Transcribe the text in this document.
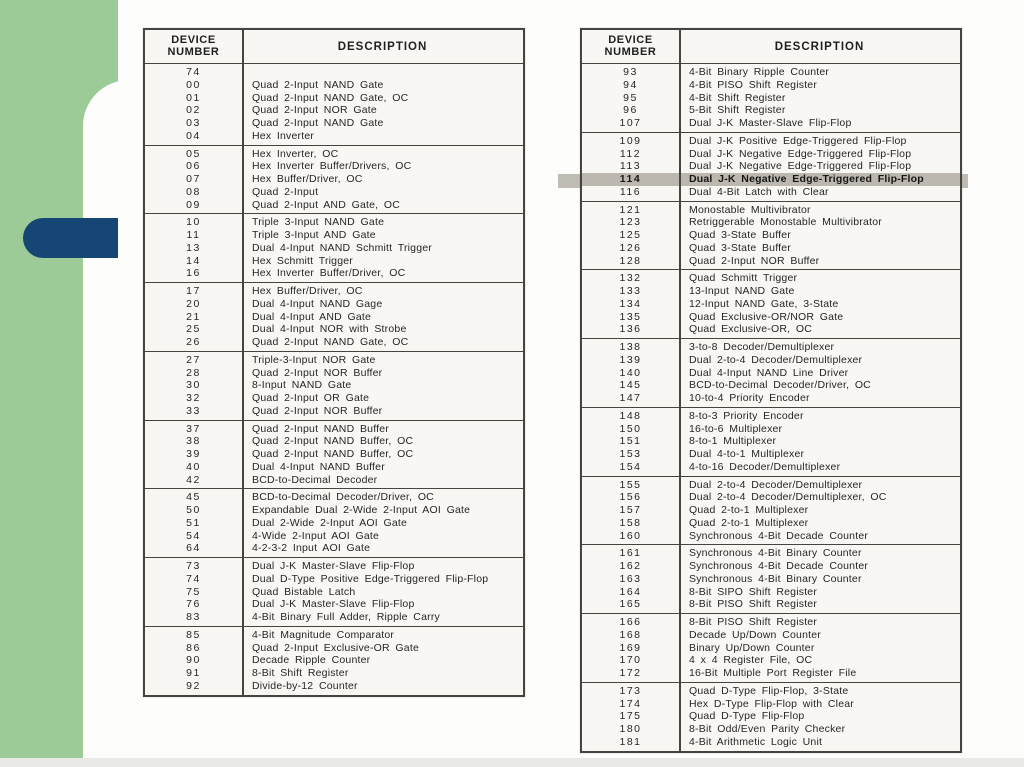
DEVICE NUMBER	DESCRIPTION
74
00	Quad 2-Input NAND Gate
01	Quad 2-Input NAND Gate, OC
02	Quad 2-Input NOR Gate
03	Quad 2-Input NAND Gate
04	Hex Inverter
05	Hex Inverter, OC
06	Hex Inverter Buffer/Drivers, OC
07	Hex Buffer/Driver, OC
08	Quad 2-Input
09	Quad 2-Input AND Gate, OC
10	Triple 3-Input NAND Gate
11	Triple 3-Input AND Gate
13	Dual 4-Input NAND Schmitt Trigger
14	Hex Schmitt Trigger
16	Hex Inverter Buffer/Driver, OC
17	Hex Buffer/Driver, OC
20	Dual 4-Input NAND Gage
21	Dual 4-Input AND Gate
25	Dual 4-Input NOR with Strobe
26	Quad 2-Input NAND Gate, OC
27	Triple-3-Input NOR Gate
28	Quad 2-Input NOR Buffer
30	8-Input NAND Gate
32	Quad 2-Input OR Gate
33	Quad 2-Input NOR Buffer
37	Quad 2-Input NAND Buffer
38	Quad 2-Input NAND Buffer, OC
39	Quad 2-Input NAND Buffer, OC
40	Dual 4-Input NAND Buffer
42	BCD-to-Decimal Decoder
45	BCD-to-Decimal Decoder/Driver, OC
50	Expandable Dual 2-Wide 2-Input AOI Gate
51	Dual 2-Wide 2-Input AOI Gate
54	4-Wide 2-Input AOI Gate
64	4-2-3-2 Input AOI Gate
73	Dual J-K Master-Slave Flip-Flop
74	Dual D-Type Positive Edge-Triggered Flip-Flop
75	Quad Bistable Latch
76	Dual J-K Master-Slave Flip-Flop
83	4-Bit Binary Full Adder, Ripple Carry
85	4-Bit Magnitude Comparator
86	Quad 2-Input Exclusive-OR Gate
90	Decade Ripple Counter
91	8-Bit Shift Register
92	Divide-by-12 Counter
DEVICE NUMBER	DESCRIPTION
93	4-Bit Binary Ripple Counter
94	4-Bit PISO Shift Register
95	4-Bit Shift Register
96	5-Bit Shift Register
107	Dual J-K Master-Slave Flip-Flop
109	Dual J-K Positive Edge-Triggered Flip-Flop
112	Dual J-K Negative Edge-Triggered Flip-Flop
113	Dual J-K Negative Edge-Triggered Flip-Flop
114	Dual J-K Negative Edge-Triggered Flip-Flop
116	Dual 4-Bit Latch with Clear
121	Monostable Multivibrator
123	Retriggerable Monostable Multivibrator
125	Quad 3-State Buffer
126	Quad 3-State Buffer
128	Quad 2-Input NOR Buffer
132	Quad Schmitt Trigger
133	13-Input NAND Gate
134	12-Input NAND Gate, 3-State
135	Quad Exclusive-OR/NOR Gate
136	Quad Exclusive-OR, OC
138	3-to-8 Decoder/Demultiplexer
139	Dual 2-to-4 Decoder/Demultiplexer
140	Dual 4-Input NAND Line Driver
145	BCD-to-Decimal Decoder/Driver, OC
147	10-to-4 Priority Encoder
148	8-to-3 Priority Encoder
150	16-to-6 Multiplexer
151	8-to-1 Multiplexer
153	Dual 4-to-1 Multiplexer
154	4-to-16 Decoder/Demultiplexer
155	Dual 2-to-4 Decoder/Demultiplexer
156	Dual 2-to-4 Decoder/Demultiplexer, OC
157	Quad 2-to-1 Multiplexer
158	Quad 2-to-1 Multiplexer
160	Synchronous 4-Bit Decade Counter
161	Synchronous 4-Bit Binary Counter
162	Synchronous 4-Bit Decade Counter
163	Synchronous 4-Bit Binary Counter
164	8-Bit SIPO Shift Register
165	8-Bit PISO Shift Register
166	8-Bit PISO Shift Register
168	Decade Up/Down Counter
169	Binary Up/Down Counter
170	4 x 4 Register File, OC
172	16-Bit Multiple Port Register File
173	Quad D-Type Flip-Flop, 3-State
174	Hex D-Type Flip-Flop with Clear
175	Quad D-Type Flip-Flop
180	8-Bit Odd/Even Parity Checker
181	4-Bit Arithmetic Logic Unit
